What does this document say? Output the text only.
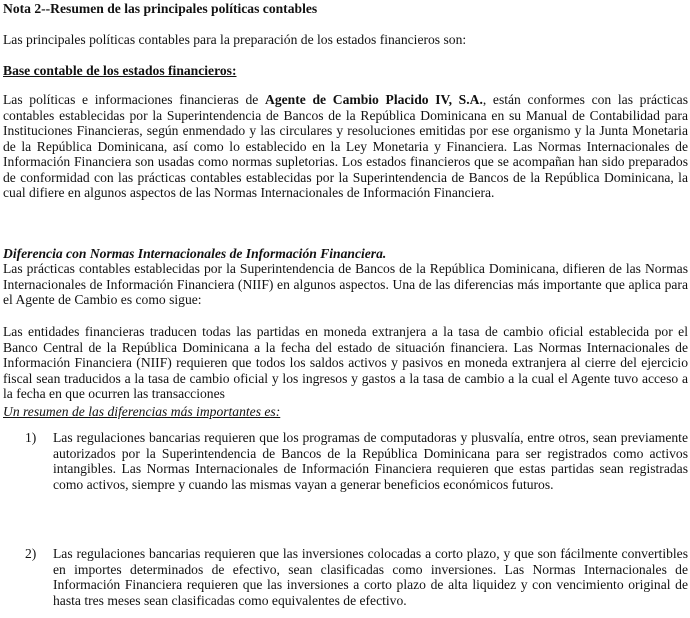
Nota 2--Resumen de las principales políticas contables

Las principales políticas contables para la preparación de los estados financieros son:

Base contable de los estados financieros:

Las políticas e informaciones financieras de Agente de Cambio Placido IV, S.A., están conformes con las prácticas contables establecidas por la Superintendencia de Bancos de la República Dominicana en su Manual de Contabilidad para Instituciones Financieras, según enmendado y las circulares y resoluciones emitidas por ese organismo y la Junta Monetaria de la República Dominicana, así como lo establecido en la Ley Monetaria y Financiera. Las Normas Internacionales de Información Financiera son usadas como normas supletorias. Los estados financieros que se acompañan han sido preparados de conformidad con las prácticas contables establecidas por la Superintendencia de Bancos de la República Dominicana, la cual difiere en algunos aspectos de las Normas Internacionales de Información Financiera.

Diferencia con Normas Internacionales de Información Financiera.

Las prácticas contables establecidas por la Superintendencia de Bancos de la República Dominicana, difieren de las Normas Internacionales de Información Financiera (NIIF) en algunos aspectos. Una de las diferencias más importante que aplica para el Agente de Cambio es como sigue:

Las entidades financieras traducen todas las partidas en moneda extranjera a la tasa de cambio oficial establecida por el Banco Central de la República Dominicana a la fecha del estado de situación financiera. Las Normas Internacionales de Información Financiera (NIIF) requieren que todos los saldos activos y pasivos en moneda extranjera al cierre del ejercicio fiscal sean traducidos a la tasa de cambio oficial y los ingresos y gastos a la tasa de cambio a la cual el Agente tuvo acceso a la fecha en que ocurren las transacciones

Un resumen de las diferencias más importantes es:

1)	Las regulaciones bancarias requieren que los programas de computadoras y plusvalía, entre otros, sean previamente autorizados por la Superintendencia de Bancos de la República Dominicana para ser registrados como activos intangibles. Las Normas Internacionales de Información Financiera requieren que estas partidas sean registradas como activos, siempre y cuando las mismas vayan a generar beneficios económicos futuros.
2)	Las regulaciones bancarias requieren que las inversiones colocadas a corto plazo, y que son fácilmente convertibles en importes determinados de efectivo, sean clasificadas como inversiones. Las Normas Internacionales de Información Financiera requieren que las inversiones a corto plazo de alta liquidez y con vencimiento original de hasta tres meses sean clasificadas como equivalentes de efectivo.
